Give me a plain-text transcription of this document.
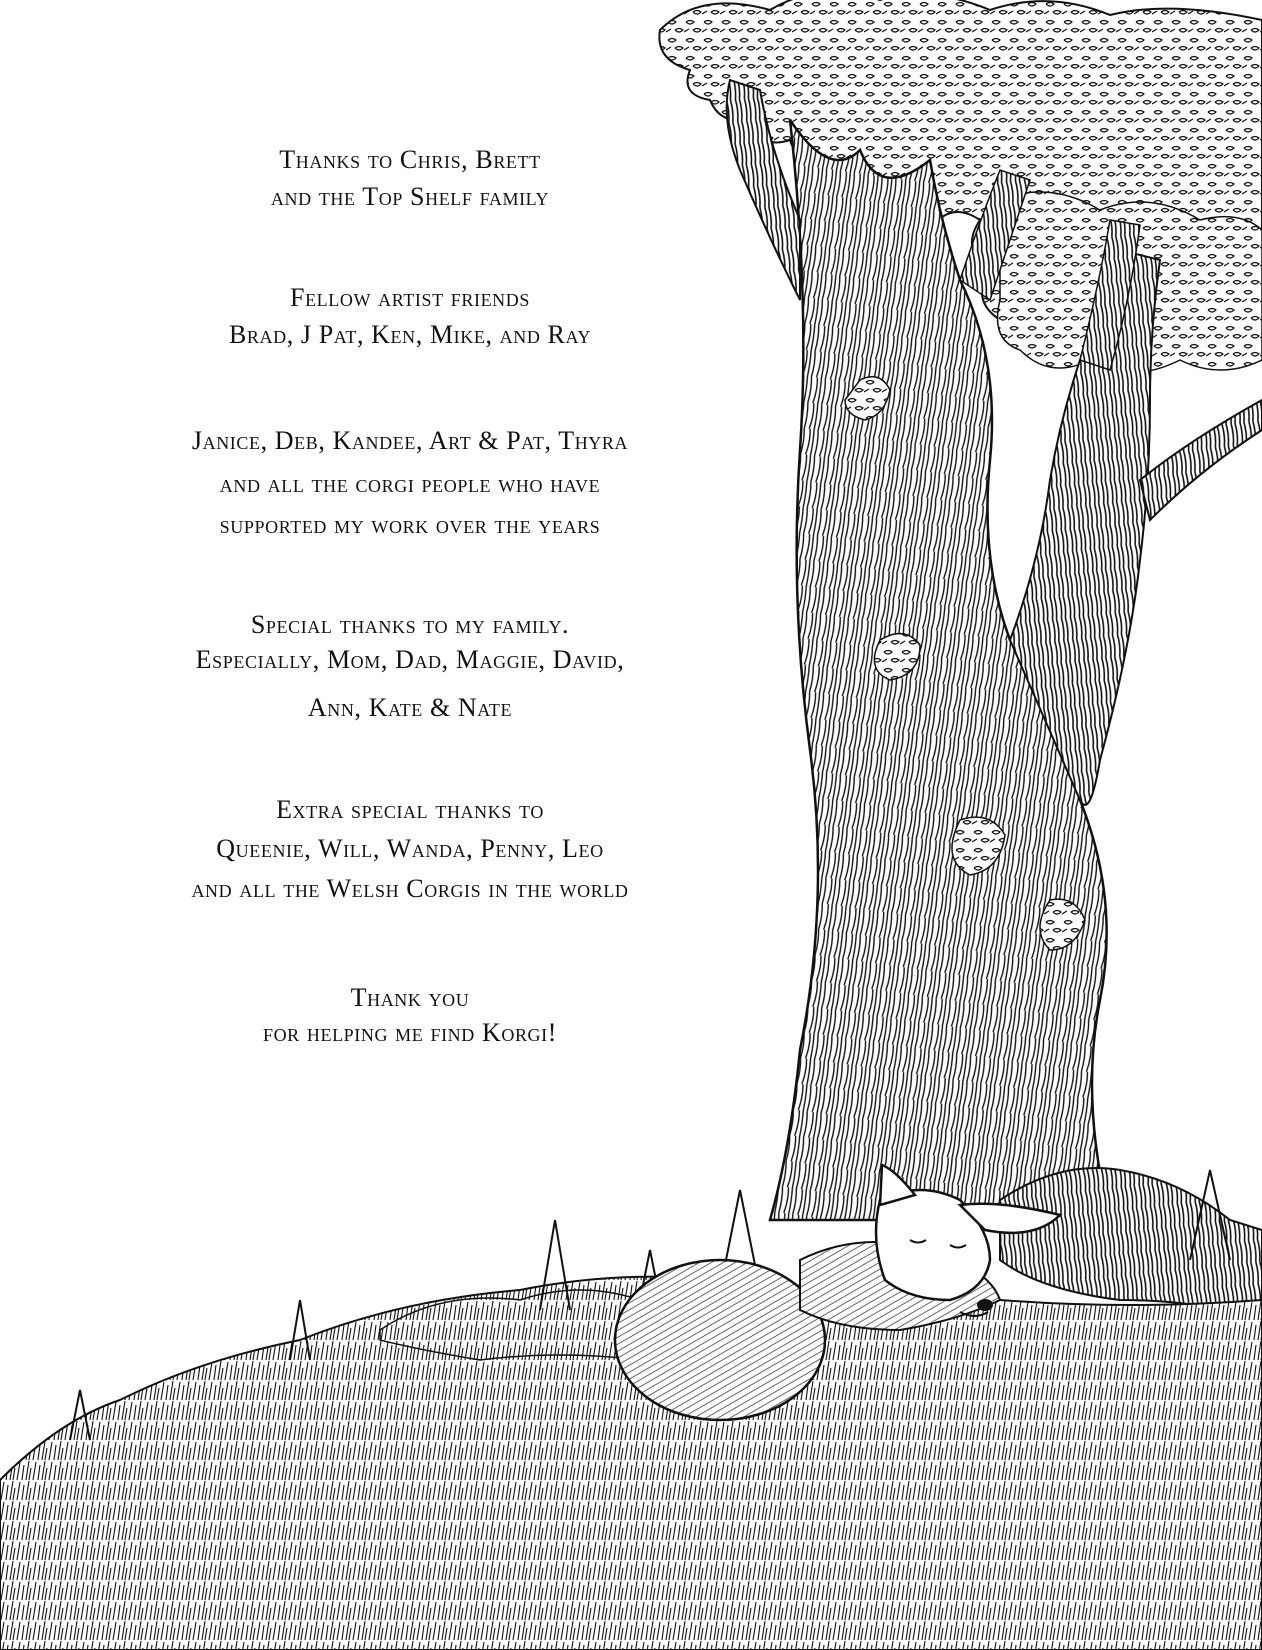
Thanks to Chris, Brett
and the Top Shelf family
Fellow artist friends
Brad, J Pat, Ken, Mike, and Ray
Janice, Deb, Kandee, Art & Pat, Thyra
and all the corgi people who have
supported my work over the years
Special thanks to my family.
Especially, Mom, Dad, Maggie, David,
Ann, Kate & Nate
Extra special thanks to
Queenie, Will, Wanda, Penny, Leo
and all the Welsh Corgis in the world
Thank you
for helping me find Korgi!
